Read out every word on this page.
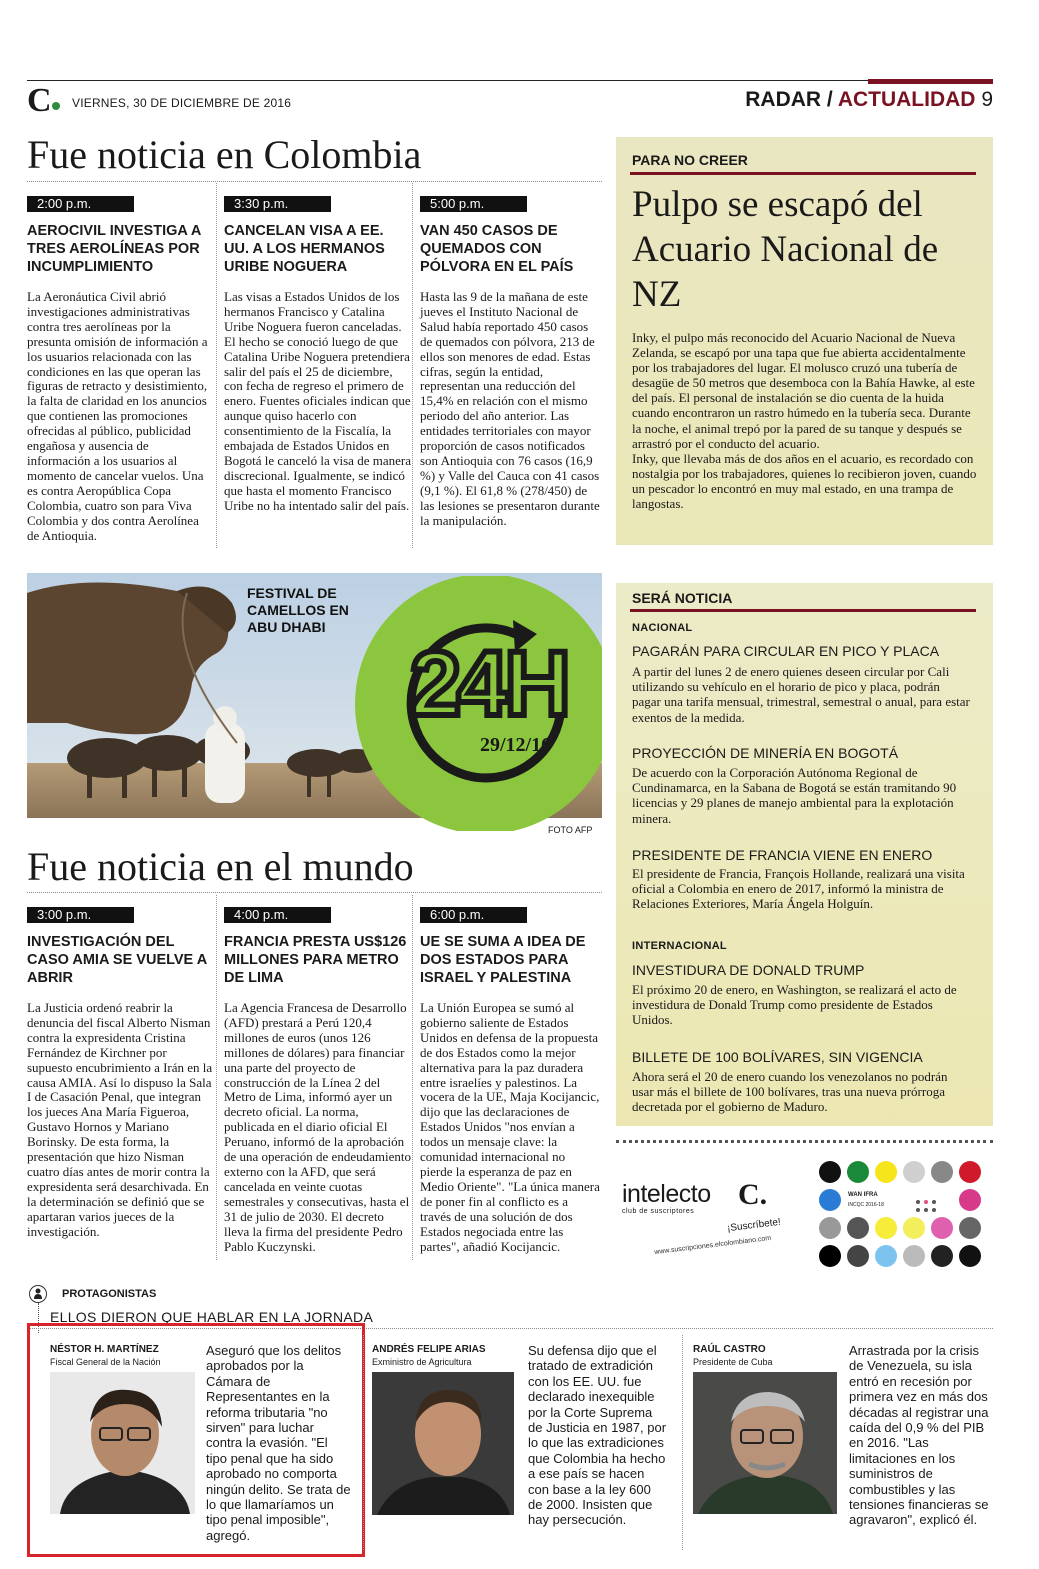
C VIERNES, 30 DE DICIEMBRE DE 2016	RADAR / ACTUALIDAD 9
Fue noticia en Colombia
2:00 p.m.
AEROCIVIL INVESTIGA A TRES AEROLÍNEAS POR INCUMPLIMIENTO
La Aeronáutica Civil abrió investigaciones administrativas contra tres aerolíneas por la presunta omisión de información a los usuarios relacionada con las condiciones en las que operan las figuras de retracto y desistimiento, la falta de claridad en los anuncios que contienen las promociones ofrecidas al público, publicidad engañosa y ausencia de información a los usuarios al momento de cancelar vuelos. Una es contra Aeropública Copa Colombia, cuatro son para Viva Colombia y dos contra Aerolínea de Antioquia.
3:30 p.m.
CANCELAN VISA A EE. UU. A LOS HERMANOS URIBE NOGUERA
Las visas a Estados Unidos de los hermanos Francisco y Catalina Uribe Noguera fueron canceladas. El hecho se conoció luego de que Catalina Uribe Noguera pretendiera salir del país el 25 de diciembre, con fecha de regreso el primero de enero. Fuentes oficiales indican que aunque quiso hacerlo con consentimiento de la Fiscalía, la embajada de Estados Unidos en Bogotá le canceló la visa de manera discrecional. Igualmente, se indicó que hasta el momento Francisco Uribe no ha intentado salir del país.
5:00 p.m.
VAN 450 CASOS DE QUEMADOS CON PÓLVORA EN EL PAÍS
Hasta las 9 de la mañana de este jueves el Instituto Nacional de Salud había reportado 450 casos de quemados con pólvora, 213 de ellos son menores de edad. Estas cifras, según la entidad, representan una reducción del 15,4% en relación con el mismo periodo del año anterior. Las entidades territoriales con mayor proporción de casos notificados son Antioquia con 76 casos (16,9 %) y Valle del Cauca con 41 casos (9,1 %). El 61,8 % (278/450) de las lesiones se presentaron durante la manipulación.
PARA NO CREER
Pulpo se escapó del Acuario Nacional de NZ

Inky, el pulpo más reconocido del Acuario Nacional de Nueva Zelanda, se escapó por una tapa que fue abierta accidentalmente por los trabajadores del lugar. El molusco cruzó una tubería de desagüe de 50 metros que desemboca con la Bahía Hawke, al este del país. El personal de instalación se dio cuenta de la huida cuando encontraron un rastro húmedo en la tubería seca. Durante la noche, el animal trepó por la pared de su tanque y después se arrastró por el conducto del acuario.

Inky, que llevaba más de dos años en el acuario, es recordado con nostalgia por los trabajadores, quienes lo recibieron joven, cuando un pescador lo encontró en muy mal estado, en una trampa de langostas.

24H
29/12/16
FESTIVAL DE CAMELLOS EN ABU DHABI
FOTO AFP
SERÁ NOTICIA
NACIONAL
PAGARÁN PARA CIRCULAR EN PICO Y PLACA
A partir del lunes 2 de enero quienes deseen circular por Cali utilizando su vehículo en el horario de pico y placa, podrán pagar una tarifa mensual, trimestral, semestral o anual, para estar exentos de la medida.
PROYECCIÓN DE MINERÍA EN BOGOTÁ
De acuerdo con la Corporación Autónoma Regional de Cundinamarca, en la Sabana de Bogotá se están tramitando 90 licencias y 29 planes de manejo ambiental para la explotación minera.
PRESIDENTE DE FRANCIA VIENE EN ENERO
El presidente de Francia, François Hollande, realizará una visita oficial a Colombia en enero de 2017, informó la ministra de Relaciones Exteriores, María Ángela Holguín.
INTERNACIONAL
INVESTIDURA DE DONALD TRUMP
El próximo 20 de enero, en Washington, se realizará el acto de investidura de Donald Trump como presidente de Estados Unidos.
BILLETE DE 100 BOLÍVARES, SIN VIGENCIA
Ahora será el 20 de enero cuando los venezolanos no podrán usar más el billete de 100 bolívares, tras una nueva prórroga decretada por el gobierno de Maduro.
Fue noticia en el mundo
3:00 p.m.
INVESTIGACIÓN DEL CASO AMIA SE VUELVE A ABRIR
La Justicia ordenó reabrir la denuncia del fiscal Alberto Nisman contra la expresidenta Cristina Fernández de Kirchner por supuesto encubrimiento a Irán en la causa AMIA. Así lo dispuso la Sala I de Casación Penal, que integran los jueces Ana María Figueroa, Gustavo Hornos y Mariano Borinsky. De esta forma, la presentación que hizo Nisman cuatro días antes de morir contra la expresidenta será desarchivada. En la determinación se definió que se apartaran varios jueces de la investigación.
4:00 p.m.
FRANCIA PRESTA US$126 MILLONES PARA METRO DE LIMA
La Agencia Francesa de Desarrollo (AFD) prestará a Perú 120,4 millones de euros (unos 126 millones de dólares) para financiar una parte del proyecto de construcción de la Línea 2 del Metro de Lima, informó ayer un decreto oficial. La norma, publicada en el diario oficial El Peruano, informó de la aprobación de una operación de endeudamiento externo con la AFD, que será cancelada en veinte cuotas semestrales y consecutivas, hasta el 31 de julio de 2030. El decreto lleva la firma del presidente Pedro Pablo Kuczynski.
6:00 p.m.
UE SE SUMA A IDEA DE DOS ESTADOS PARA ISRAEL Y PALESTINA
La Unión Europea se sumó al gobierno saliente de Estados Unidos en defensa de la propuesta de dos Estados como la mejor alternativa para la paz duradera entre israelíes y palestinos. La vocera de la UE, Maja Kocijancic, dijo que las declaraciones de Estados Unidos "nos envían a todos un mensaje clave: la comunidad internacional no pierde la esperanza de paz en Medio Oriente". "La única manera de poner fin al conflicto es a través de una solución de dos Estados negociada entre las partes", añadió Kocijancic.
intelecto C.
club de suscriptores
¡Suscríbete!
www.suscripciones.elcolombiano.com
WAN IFRA
INCQC 2016-18
PROTAGONISTAS
ELLOS DIERON QUE HABLAR EN LA JORNADA
NÉSTOR H. MARTÍNEZ
Fiscal General de la Nación
Aseguró que los delitos aprobados por la Cámara de Representantes en la reforma tributaria "no sirven" para luchar contra la evasión. "El tipo penal que ha sido aprobado no comporta ningún delito. Se trata de lo que llamaríamos un tipo penal imposible", agregó.
ANDRÉS FELIPE ARIAS
Exministro de Agricultura
Su defensa dijo que el tratado de extradición con los EE. UU. fue declarado inexequible por la Corte Suprema de Justicia en 1987, por lo que las extradiciones que Colombia ha hecho a ese país se hacen con base a la ley 600 de 2000. Insisten que hay persecución.
RAÚL CASTRO
Presidente de Cuba
Arrastrada por la crisis de Venezuela, su isla entró en recesión por primera vez en más dos décadas al registrar una caída del 0,9 % del PIB en 2016. "Las limitaciones en los suministros de combustibles y las tensiones financieras se agravaron", explicó él.
